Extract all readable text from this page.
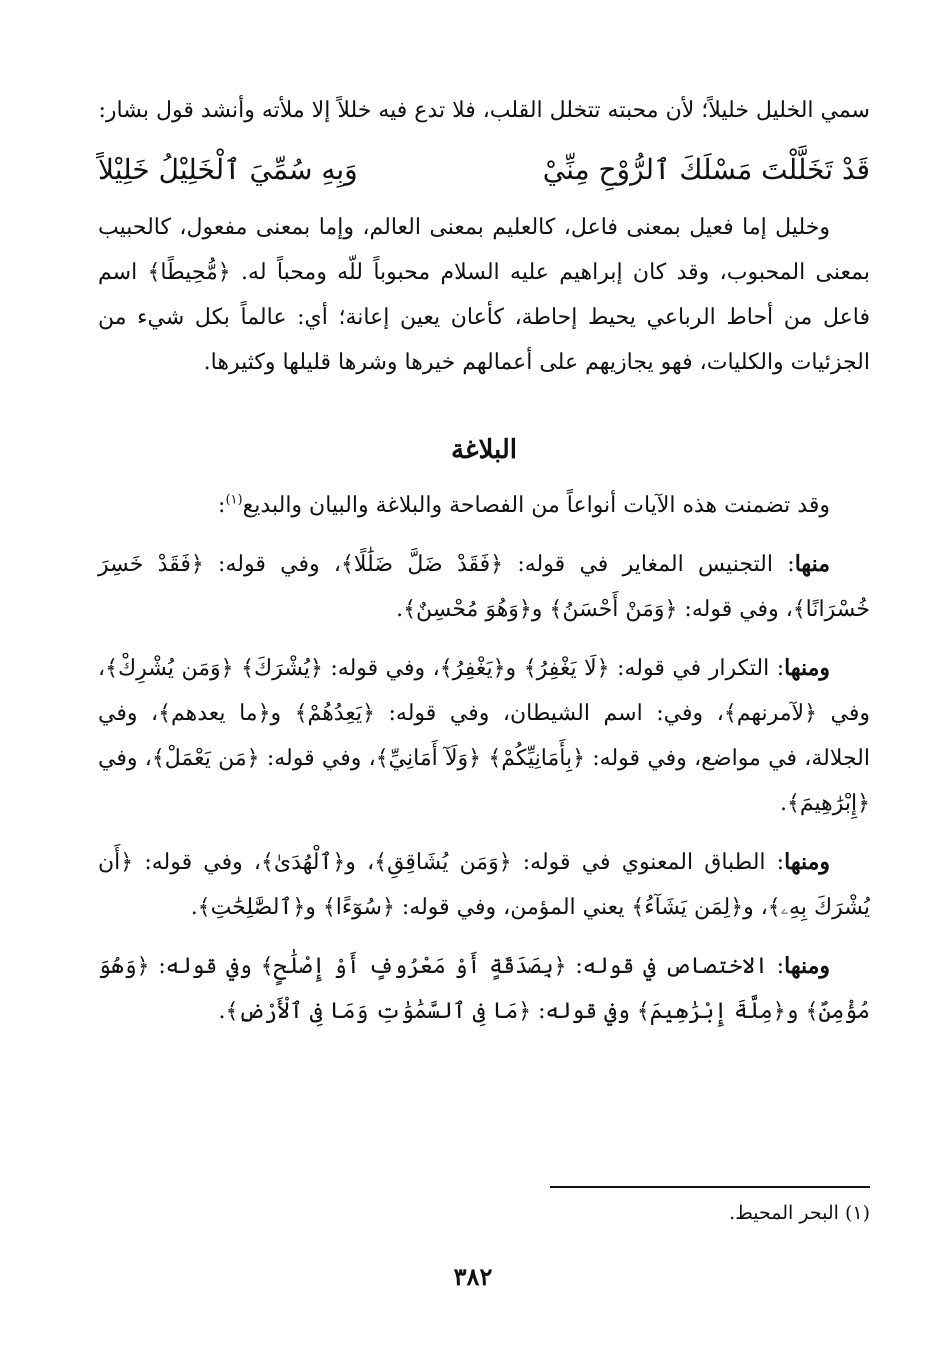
سمي الخليل خليلاً؛ لأن محبته تتخلل القلب، فلا تدع فيه خللاً إلا ملأته وأنشد قول بشار:

قَدْ تَخَلَّلْتَ مَسْلَكَ ٱلرُّوْحِ مِنِّيْ
وَبِهِ سُمِّيَ ٱلْخَلِيْلُ خَلِيْلاً

وخليل إما فعيل بمعنى فاعل، كالعليم بمعنى العالم، وإما بمعنى مفعول، كالحبيب بمعنى المحبوب، وقد كان إبراهيم عليه السلام محبوباً للّه ومحباً له. ﴿مُّحِيطًا﴾ اسم فاعل من أحاط الرباعي يحيط إحاطة، كأعان يعين إعانة؛ أي: عالماً بكل شيء من الجزئيات والكليات، فهو يجازيهم على أعمالهم خيرها وشرها قليلها وكثيرها.

البلاغة

وقد تضمنت هذه الآيات أنواعاً من الفصاحة والبلاغة والبيان والبديع$^{(١)}$:

منها: التجنيس المغاير في قوله: ﴿فَقَدْ ضَلَّ ضَلَٰلًا﴾، وفي قوله: ﴿فَقَدْ خَسِرَ خُسْرَانًا﴾، وفي قوله: ﴿وَمَنْ أَحْسَنُ﴾ و﴿وَهُوَ مُحْسِنٌ﴾.

ومنها: التكرار في قوله: ﴿لَا يَغْفِرُ﴾ و﴿يَغْفِرُ﴾، وفي قوله: ﴿يُشْرَكَ﴾ ﴿وَمَن يُشْرِكْ﴾، وفي ﴿لآمرنهم﴾، وفي: اسم الشيطان، وفي قوله: ﴿يَعِدُهُمْ﴾ و﴿ما يعدهم﴾، وفي الجلالة، في مواضع، وفي قوله: ﴿بِأَمَانِيِّكُمْ﴾ ﴿وَلَآ أَمَانِيِّ﴾، وفي قوله: ﴿مَن يَعْمَلْ﴾، وفي ﴿إِبْرَٰهِيمَ﴾.

ومنها: الطباق المعنوي في قوله: ﴿وَمَن يُشَاقِقِ﴾، و﴿ٱلْهُدَىٰ﴾، وفي قوله: ﴿أَن يُشْرَكَ بِهِۦ﴾، و﴿لِمَن يَشَآءُ﴾ يعني المؤمن، وفي قوله: ﴿سُوٓءًا﴾ و﴿ٱلصَّٰلِحَٰتِ﴾.

ومنها: الاختصاص في قوله: ﴿بِصَدَقَةٍ أَوْ مَعْرُوفٍ أَوْ إِصْلَٰحٍ﴾ وفي قوله: ﴿وَهُوَ مُؤْمِنٌ﴾ و﴿مِلَّةَ إِبْرَٰهِيمَ﴾ وفي قوله: ﴿مَا فِى ٱلسَّمَٰوَٰتِ وَمَا فِى ٱلْأَرْضِ﴾.

(١) البحر المحيط.
٣٨٢
